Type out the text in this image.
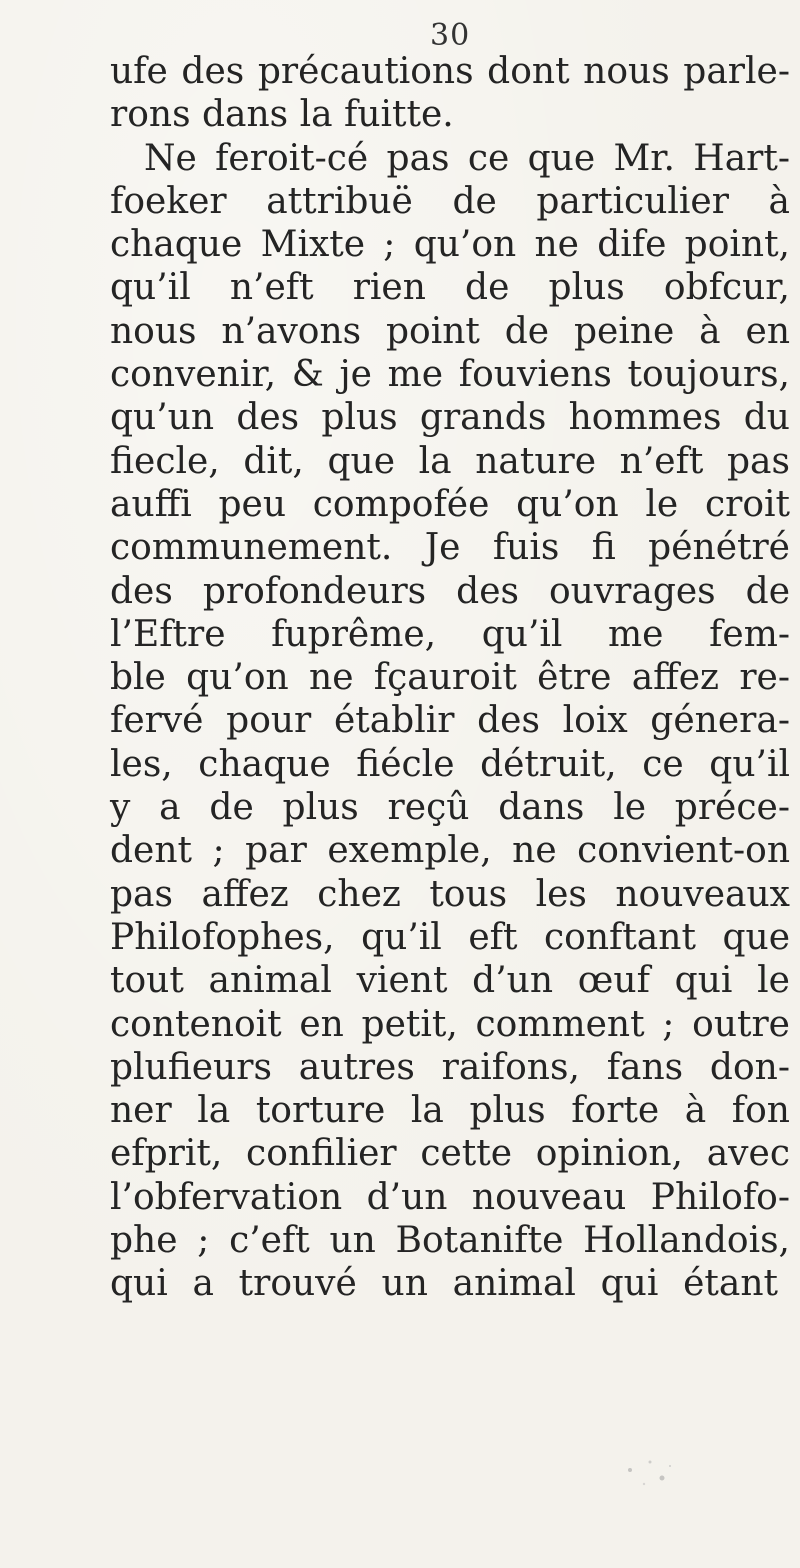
30
ufe des précautions dont nous parle-
rons dans la fuitte.
Ne feroit-cé pas ce que Mr. Hart-
foeker attribuë de particulier à
chaque Mixte ; qu’on ne dife point,
qu’il n’eft rien de plus obfcur,
nous n’avons point de peine à en
convenir, & je me fouviens toujours,
qu’un des plus grands hommes du
fiecle, dit, que la nature n’eft pas
auffi peu compofée qu’on le croit
communement. Je fuis fi pénétré
des profondeurs des ouvrages de
l’Eftre fuprême, qu’il me fem-
ble qu’on ne fçauroit être affez re-
fervé pour établir des loix génera-
les, chaque fiécle détruit, ce qu’il
y a de plus reçû dans le préce-
dent ; par exemple, ne convient-on
pas affez chez tous les nouveaux
Philofophes, qu’il eft conftant que
tout animal vient d’un œuf qui le
contenoit en petit, comment ; outre
plufieurs autres raifons, fans don-
ner la torture la plus forte à fon
efprit, confilier cette opinion, avec
l’obfervation d’un nouveau Philofo-
phe ; c’eft un Botanifte Hollandois,
qui a trouvé un animal qui étant
